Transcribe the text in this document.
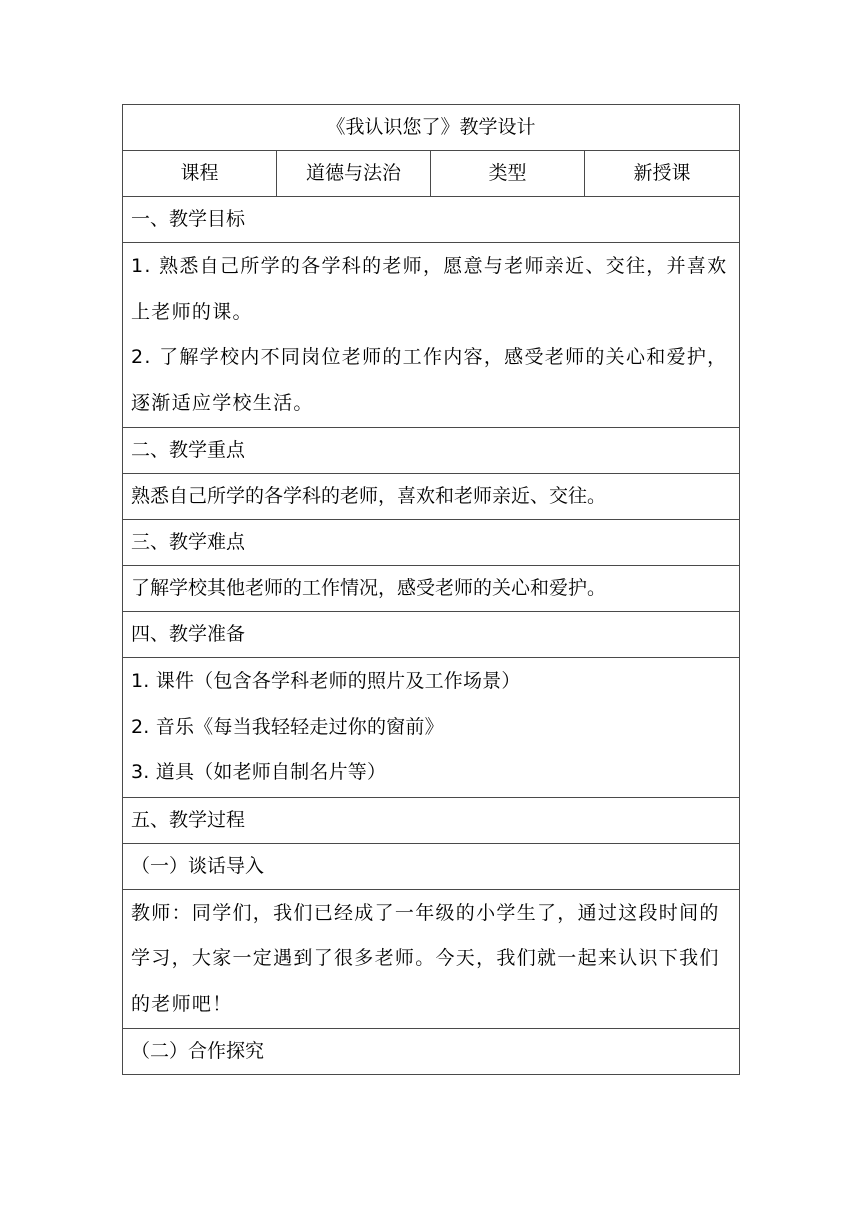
《我认识您了》教学设计
课程	道德与法治	类型	新授课
一、教学目标

1. 熟悉自己所学的各学科的老师，愿意与老师亲近、交往，并喜欢上老师的课。
2. 了解学校内不同岗位老师的工作内容，感受老师的关心和爱护，逐渐适应学校生活。

二、教学重点
熟悉自己所学的各学科的老师，喜欢和老师亲近、交往。
三、教学难点
了解学校其他老师的工作情况，感受老师的关心和爱护。
四、教学准备

1. 课件（包含各学科老师的照片及工作场景）
2. 音乐《每当我轻轻走过你的窗前》
3. 道具（如老师自制名片等）

五、教学过程
（一）谈话导入

教师：同学们，我们已经成了一年级的小学生了，通过这段时间的学习，大家一定遇到了很多老师。今天，我们就一起来认识下我们的老师吧！

（二）合作探究
